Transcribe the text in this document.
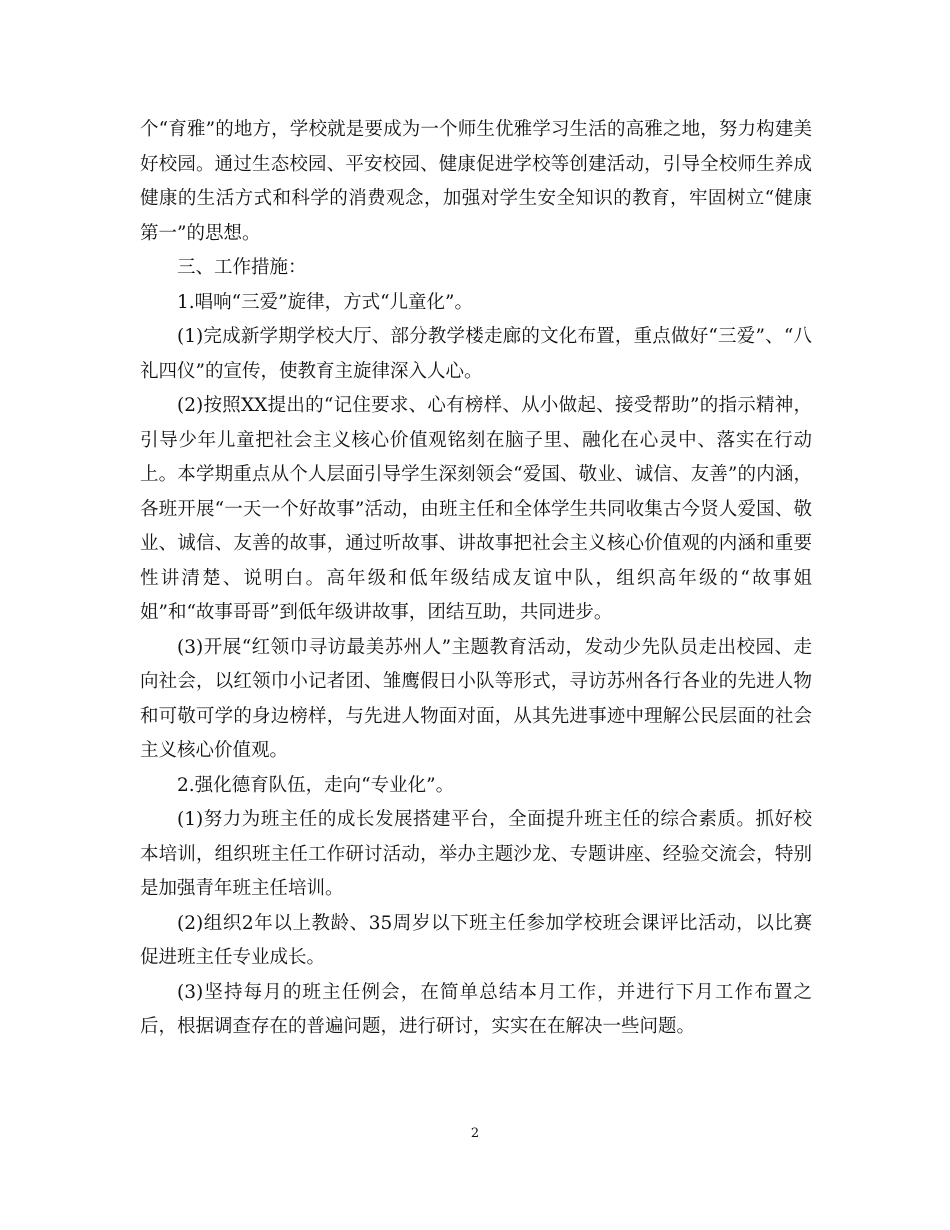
个“育雅”的地方，学校就是要成为一个师生优雅学习生活的高雅之地，努力构建美好校园。通过生态校园、平安校园、健康促进学校等创建活动，引导全校师生养成健康的生活方式和科学的消费观念，加强对学生安全知识的教育，牢固树立“健康第一”的思想。

三、工作措施：

1.唱响“三爱”旋律，方式“儿童化”。

(1)完成新学期学校大厅、部分教学楼走廊的文化布置，重点做好“三爱”、“八礼四仪”的宣传，使教育主旋律深入人心。

(2)按照XX提出的“记住要求、心有榜样、从小做起、接受帮助”的指示精神，引导少年儿童把社会主义核心价值观铭刻在脑子里、融化在心灵中、落实在行动上。本学期重点从个人层面引导学生深刻领会“爱国、敬业、诚信、友善”的内涵，各班开展“一天一个好故事”活动，由班主任和全体学生共同收集古今贤人爱国、敬业、诚信、友善的故事，通过听故事、讲故事把社会主义核心价值观的内涵和重要性讲清楚、说明白。高年级和低年级结成友谊中队，组织高年级的“故事姐姐”和“故事哥哥”到低年级讲故事，团结互助，共同进步。

(3)开展“红领巾寻访最美苏州人”主题教育活动，发动少先队员走出校园、走向社会，以红领巾小记者团、雏鹰假日小队等形式，寻访苏州各行各业的先进人物和可敬可学的身边榜样，与先进人物面对面，从其先进事迹中理解公民层面的社会主义核心价值观。

2.强化德育队伍，走向“专业化”。

(1)努力为班主任的成长发展搭建平台，全面提升班主任的综合素质。抓好校本培训，组织班主任工作研讨活动，举办主题沙龙、专题讲座、经验交流会，特别是加强青年班主任培训。

(2)组织2年以上教龄、35周岁以下班主任参加学校班会课评比活动，以比赛促进班主任专业成长。

(3)坚持每月的班主任例会，在简单总结本月工作，并进行下月工作布置之后，根据调查存在的普遍问题，进行研讨，实实在在解决一些问题。

2
